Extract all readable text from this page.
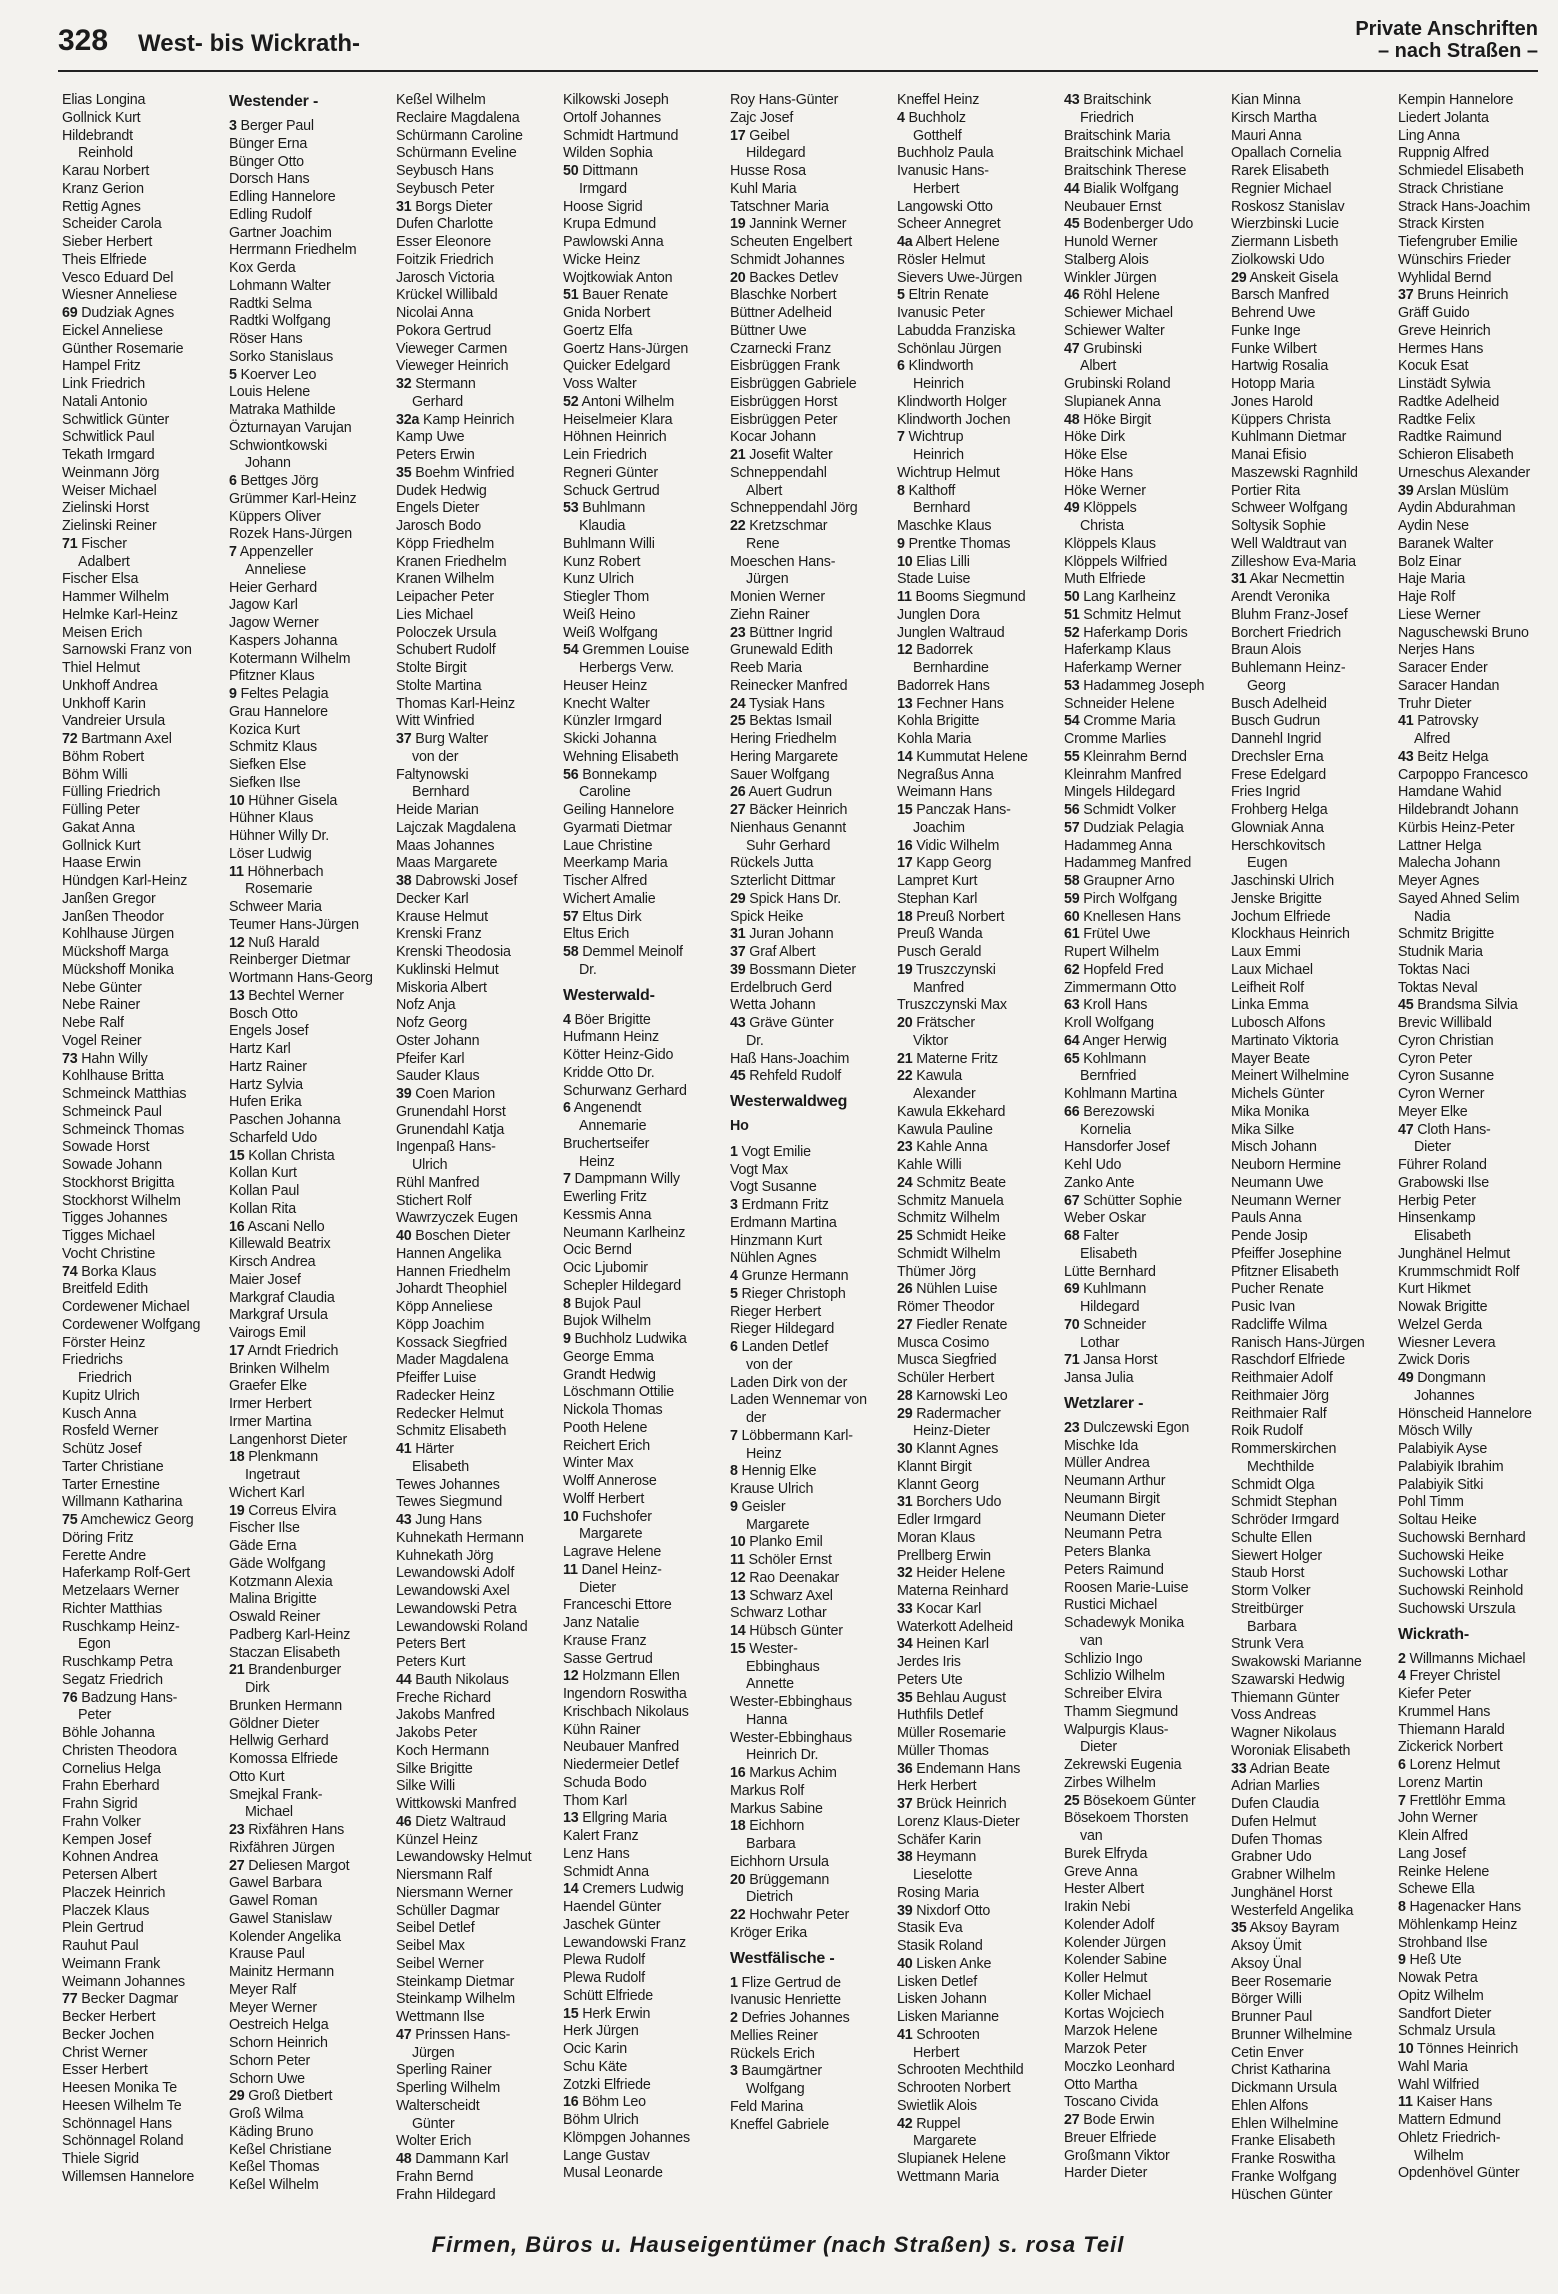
328 West- bis Wickrath-
Private Anschriften
– nach Straßen –
Elias Longina
Gollnick Kurt
Hildebrandt
Reinhold
Karau Norbert
Kranz Gerion
Rettig Agnes
Scheider Carola
Sieber Herbert
Theis Elfriede
Vesco Eduard Del
Wiesner Anneliese
69 Dudziak Agnes
Eickel Anneliese
Günther Rosemarie
Hampel Fritz
Link Friedrich
Natali Antonio
Schwitlick Günter
Schwitlick Paul
Tekath Irmgard
Weinmann Jörg
Weiser Michael
Zielinski Horst
Zielinski Reiner
71 Fischer
Adalbert
Fischer Elsa
Hammer Wilhelm
Helmke Karl-Heinz
Meisen Erich
Sarnowski Franz von
Thiel Helmut
Unkhoff Andrea
Unkhoff Karin
Vandreier Ursula
72 Bartmann Axel
Böhm Robert
Böhm Willi
Fülling Friedrich
Fülling Peter
Gakat Anna
Gollnick Kurt
Haase Erwin
Hündgen Karl-Heinz
Janßen Gregor
Janßen Theodor
Kohlhause Jürgen
Mückshoff Marga
Mückshoff Monika
Nebe Günter
Nebe Rainer
Nebe Ralf
Vogel Reiner
73 Hahn Willy
Kohlhause Britta
Schmeinck Matthias
Schmeinck Paul
Schmeinck Thomas
Sowade Horst
Sowade Johann
Stockhorst Brigitta
Stockhorst Wilhelm
Tigges Johannes
Tigges Michael
Vocht Christine
74 Borka Klaus
Breitfeld Edith
Cordewener Michael
Cordewener Wolfgang
Förster Heinz
Friedrichs
Friedrich
Kupitz Ulrich
Kusch Anna
Rosfeld Werner
Schütz Josef
Tarter Christiane
Tarter Ernestine
Willmann Katharina
75 Amchewicz Georg
Döring Fritz
Ferette Andre
Haferkamp Rolf-Gert
Metzelaars Werner
Richter Matthias
Ruschkamp Heinz-
Egon
Ruschkamp Petra
Segatz Friedrich
76 Badzung Hans-
Peter
Böhle Johanna
Christen Theodora
Cornelius Helga
Frahn Eberhard
Frahn Sigrid
Frahn Volker
Kempen Josef
Kohnen Andrea
Petersen Albert
Placzek Heinrich
Placzek Klaus
Plein Gertrud
Rauhut Paul
Weimann Frank
Weimann Johannes
77 Becker Dagmar
Becker Herbert
Becker Jochen
Christ Werner
Esser Herbert
Heesen Monika Te
Heesen Wilhelm Te
Schönnagel Hans
Schönnagel Roland
Thiele Sigrid
Willemsen Hannelore
Westender -
3 Berger Paul
Bünger Erna
Bünger Otto
Dorsch Hans
Edling Hannelore
Edling Rudolf
Gartner Joachim
Herrmann Friedhelm
Kox Gerda
Lohmann Walter
Radtki Selma
Radtki Wolfgang
Röser Hans
Sorko Stanislaus
5 Koerver Leo
Louis Helene
Matraka Mathilde
Özturnayan Varujan
Schwiontkowski
Johann
6 Bettges Jörg
Grümmer Karl-Heinz
Küppers Oliver
Rozek Hans-Jürgen
7 Appenzeller
Anneliese
Heier Gerhard
Jagow Karl
Jagow Werner
Kaspers Johanna
Kotermann Wilhelm
Pfitzner Klaus
9 Feltes Pelagia
Grau Hannelore
Kozica Kurt
Schmitz Klaus
Siefken Else
Siefken Ilse
10 Hühner Gisela
Hühner Klaus
Hühner Willy Dr.
Löser Ludwig
11 Höhnerbach
Rosemarie
Schweer Maria
Teumer Hans-Jürgen
12 Nuß Harald
Reinberger Dietmar
Wortmann Hans-Georg
13 Bechtel Werner
Bosch Otto
Engels Josef
Hartz Karl
Hartz Rainer
Hartz Sylvia
Hufen Erika
Paschen Johanna
Scharfeld Udo
15 Kollan Christa
Kollan Kurt
Kollan Paul
Kollan Rita
16 Ascani Nello
Killewald Beatrix
Kirsch Andrea
Maier Josef
Markgraf Claudia
Markgraf Ursula
Vairogs Emil
17 Arndt Friedrich
Brinken Wilhelm
Graefer Elke
Irmer Herbert
Irmer Martina
Langenhorst Dieter
18 Plenkmann
Ingetraut
Wichert Karl
19 Correus Elvira
Fischer Ilse
Gäde Erna
Gäde Wolfgang
Kotzmann Alexia
Malina Brigitte
Oswald Reiner
Padberg Karl-Heinz
Staczan Elisabeth
21 Brandenburger
Dirk
Brunken Hermann
Göldner Dieter
Hellwig Gerhard
Komossa Elfriede
Otto Kurt
Smejkal Frank-
Michael
23 Rixfähren Hans
Rixfähren Jürgen
27 Deliesen Margot
Gawel Barbara
Gawel Roman
Gawel Stanislaw
Kolender Angelika
Krause Paul
Mainitz Hermann
Meyer Ralf
Meyer Werner
Oestreich Helga
Schorn Heinrich
Schorn Peter
Schorn Uwe
29 Groß Dietbert
Groß Wilma
Käding Bruno
Keßel Christiane
Keßel Thomas
Keßel Wilhelm
Keßel Wilhelm
Reclaire Magdalena
Schürmann Caroline
Schürmann Eveline
Seybusch Hans
Seybusch Peter
31 Borgs Dieter
Dufen Charlotte
Esser Eleonore
Foitzik Friedrich
Jarosch Victoria
Krückel Willibald
Nicolai Anna
Pokora Gertrud
Vieweger Carmen
Vieweger Heinrich
32 Stermann
Gerhard
32a Kamp Heinrich
Kamp Uwe
Peters Erwin
35 Boehm Winfried
Dudek Hedwig
Engels Dieter
Jarosch Bodo
Köpp Friedhelm
Kranen Friedhelm
Kranen Wilhelm
Leipacher Peter
Lies Michael
Poloczek Ursula
Schubert Rudolf
Stolte Birgit
Stolte Martina
Thomas Karl-Heinz
Witt Winfried
37 Burg Walter
von der
Faltynowski
Bernhard
Heide Marian
Lajczak Magdalena
Maas Johannes
Maas Margarete
38 Dabrowski Josef
Decker Karl
Krause Helmut
Krenski Franz
Krenski Theodosia
Kuklinski Helmut
Miskoria Albert
Nofz Anja
Nofz Georg
Oster Johann
Pfeifer Karl
Sauder Klaus
39 Coen Marion
Grunendahl Horst
Grunendahl Katja
Ingenpaß Hans-
Ulrich
Rühl Manfred
Stichert Rolf
Wawrzyczek Eugen
40 Boschen Dieter
Hannen Angelika
Hannen Friedhelm
Johardt Theophiel
Köpp Anneliese
Köpp Joachim
Kossack Siegfried
Mader Magdalena
Pfeiffer Luise
Radecker Heinz
Redecker Helmut
Schmitz Elisabeth
41 Härter
Elisabeth
Tewes Johannes
Tewes Siegmund
43 Jung Hans
Kuhnekath Hermann
Kuhnekath Jörg
Lewandowski Adolf
Lewandowski Axel
Lewandowski Petra
Lewandowski Roland
Peters Bert
Peters Kurt
44 Bauth Nikolaus
Freche Richard
Jakobs Manfred
Jakobs Peter
Koch Hermann
Silke Brigitte
Silke Willi
Wittkowski Manfred
46 Dietz Waltraud
Künzel Heinz
Lewandowsky Helmut
Niersmann Ralf
Niersmann Werner
Schüller Dagmar
Seibel Detlef
Seibel Max
Seibel Werner
Steinkamp Dietmar
Steinkamp Wilhelm
Wettmann Ilse
47 Prinssen Hans-
Jürgen
Sperling Rainer
Sperling Wilhelm
Walterscheidt
Günter
Wolter Erich
48 Dammann Karl
Frahn Bernd
Frahn Hildegard
Kilkowski Joseph
Ortolf Johannes
Schmidt Hartmund
Wilden Sophia
50 Dittmann
Irmgard
Hoose Sigrid
Krupa Edmund
Pawlowski Anna
Wicke Heinz
Wojtkowiak Anton
51 Bauer Renate
Gnida Norbert
Goertz Elfa
Goertz Hans-Jürgen
Quicker Edelgard
Voss Walter
52 Antoni Wilhelm
Heiselmeier Klara
Höhnen Heinrich
Lein Friedrich
Regneri Günter
Schuck Gertrud
53 Buhlmann
Klaudia
Buhlmann Willi
Kunz Robert
Kunz Ulrich
Stiegler Thom
Weiß Heino
Weiß Wolfgang
54 Gremmen Louise
Herbergs Verw.
Heuser Heinz
Knecht Walter
Künzler Irmgard
Skicki Johanna
Wehning Elisabeth
56 Bonnekamp
Caroline
Geiling Hannelore
Gyarmati Dietmar
Laue Christine
Meerkamp Maria
Tischer Alfred
Wichert Amalie
57 Eltus Dirk
Eltus Erich
58 Demmel Meinolf
Dr.
Westerwald-
4 Böer Brigitte
Hufmann Heinz
Kötter Heinz-Gido
Kridde Otto Dr.
Schurwanz Gerhard
6 Angenendt
Annemarie
Bruchertseifer
Heinz
7 Dampmann Willy
Ewerling Fritz
Kessmis Anna
Neumann Karlheinz
Ocic Bernd
Ocic Ljubomir
Schepler Hildegard
8 Bujok Paul
Bujok Wilhelm
9 Buchholz Ludwika
George Emma
Grandt Hedwig
Löschmann Ottilie
Nickola Thomas
Pooth Helene
Reichert Erich
Winter Max
Wolff Annerose
Wolff Herbert
10 Fuchshofer
Margarete
Lagrave Helene
11 Danel Heinz-
Dieter
Franceschi Ettore
Janz Natalie
Krause Franz
Sasse Gertrud
12 Holzmann Ellen
Ingendorn Roswitha
Krischbach Nikolaus
Kühn Rainer
Neubauer Manfred
Niedermeier Detlef
Schuda Bodo
Thom Karl
13 Ellgring Maria
Kalert Franz
Lenz Hans
Schmidt Anna
14 Cremers Ludwig
Haendel Günter
Jaschek Günter
Lewandowski Franz
Plewa Rudolf
Plewa Rudolf
Schütt Elfriede
15 Herk Erwin
Herk Jürgen
Ocic Karin
Schu Käte
Zotzki Elfriede
16 Böhm Leo
Böhm Ulrich
Klömpgen Johannes
Lange Gustav
Musal Leonarde
Roy Hans-Günter
Zajc Josef
17 Geibel
Hildegard
Husse Rosa
Kuhl Maria
Tatschner Maria
19 Jannink Werner
Scheuten Engelbert
Schmidt Johannes
20 Backes Detlev
Blaschke Norbert
Büttner Adelheid
Büttner Uwe
Czarnecki Franz
Eisbrüggen Frank
Eisbrüggen Gabriele
Eisbrüggen Horst
Eisbrüggen Peter
Kocar Johann
21 Josefit Walter
Schneppendahl
Albert
Schneppendahl Jörg
22 Kretzschmar
Rene
Moeschen Hans-
Jürgen
Monien Werner
Ziehn Rainer
23 Büttner Ingrid
Grunewald Edith
Reeb Maria
Reinecker Manfred
24 Tysiak Hans
25 Bektas Ismail
Hering Friedhelm
Hering Margarete
Sauer Wolfgang
26 Auert Gudrun
27 Bäcker Heinrich
Nienhaus Genannt
Suhr Gerhard
Rückels Jutta
Szterlicht Dittmar
29 Spick Hans Dr.
Spick Heike
31 Juran Johann
37 Graf Albert
39 Bossmann Dieter
Erdelbruch Gerd
Wetta Johann
43 Gräve Günter
Dr.
Haß Hans-Joachim
45 Rehfeld Rudolf
Westerwaldweg
Ho
1 Vogt Emilie
Vogt Max
Vogt Susanne
3 Erdmann Fritz
Erdmann Martina
Hinzmann Kurt
Nühlen Agnes
4 Grunze Hermann
5 Rieger Christoph
Rieger Herbert
Rieger Hildegard
6 Landen Detlef
von der
Laden Dirk von der
Laden Wennemar von
der
7 Löbbermann Karl-
Heinz
8 Hennig Elke
Krause Ulrich
9 Geisler
Margarete
10 Planko Emil
11 Schöler Ernst
12 Rao Deenakar
13 Schwarz Axel
Schwarz Lothar
14 Hübsch Günter
15 Wester-
Ebbinghaus
Annette
Wester-Ebbinghaus
Hanna
Wester-Ebbinghaus
Heinrich Dr.
16 Markus Achim
Markus Rolf
Markus Sabine
18 Eichhorn
Barbara
Eichhorn Ursula
20 Brüggemann
Dietrich
22 Hochwahr Peter
Kröger Erika
Westfälische -
1 Flize Gertrud de
Ivanusic Henriette
2 Defries Johannes
Mellies Reiner
Rückels Erich
3 Baumgärtner
Wolfgang
Feld Marina
Kneffel Gabriele
Kneffel Heinz
4 Buchholz
Gotthelf
Buchholz Paula
Ivanusic Hans-
Herbert
Langowski Otto
Scheer Annegret
4a Albert Helene
Rösler Helmut
Sievers Uwe-Jürgen
5 Eltrin Renate
Ivanusic Peter
Labudda Franziska
Schönlau Jürgen
6 Klindworth
Heinrich
Klindworth Holger
Klindworth Jochen
7 Wichtrup
Heinrich
Wichtrup Helmut
8 Kalthoff
Bernhard
Maschke Klaus
9 Prentke Thomas
10 Elias Lilli
Stade Luise
11 Booms Siegmund
Junglen Dora
Junglen Waltraud
12 Badorrek
Bernhardine
Badorrek Hans
13 Fechner Hans
Kohla Brigitte
Kohla Maria
14 Kummutat Helene
Negraßus Anna
Weimann Hans
15 Panczak Hans-
Joachim
16 Vidic Wilhelm
17 Kapp Georg
Lampret Kurt
Stephan Karl
18 Preuß Norbert
Preuß Wanda
Pusch Gerald
19 Truszczynski
Manfred
Truszczynski Max
20 Frätscher
Viktor
21 Materne Fritz
22 Kawula
Alexander
Kawula Ekkehard
Kawula Pauline
23 Kahle Anna
Kahle Willi
24 Schmitz Beate
Schmitz Manuela
Schmitz Wilhelm
25 Schmidt Heike
Schmidt Wilhelm
Thümer Jörg
26 Nühlen Luise
Römer Theodor
27 Fiedler Renate
Musca Cosimo
Musca Siegfried
Schüler Herbert
28 Karnowski Leo
29 Radermacher
Heinz-Dieter
30 Klannt Agnes
Klannt Birgit
Klannt Georg
31 Borchers Udo
Edler Irmgard
Moran Klaus
Prellberg Erwin
32 Heider Helene
Materna Reinhard
33 Kocar Karl
Waterkott Adelheid
34 Heinen Karl
Jerdes Iris
Peters Ute
35 Behlau August
Huthfils Detlef
Müller Rosemarie
Müller Thomas
36 Endemann Hans
Herk Herbert
37 Brück Heinrich
Lorenz Klaus-Dieter
Schäfer Karin
38 Heymann
Lieselotte
Rosing Maria
39 Nixdorf Otto
Stasik Eva
Stasik Roland
40 Lisken Anke
Lisken Detlef
Lisken Johann
Lisken Marianne
41 Schrooten
Herbert
Schrooten Mechthild
Schrooten Norbert
Swietlik Alois
42 Ruppel
Margarete
Slupianek Helene
Wettmann Maria
43 Braitschink
Friedrich
Braitschink Maria
Braitschink Michael
Braitschink Therese
44 Bialik Wolfgang
Neubauer Ernst
45 Bodenberger Udo
Hunold Werner
Stalberg Alois
Winkler Jürgen
46 Röhl Helene
Schiewer Michael
Schiewer Walter
47 Grubinski
Albert
Grubinski Roland
Slupianek Anna
48 Höke Birgit
Höke Dirk
Höke Else
Höke Hans
Höke Werner
49 Klöppels
Christa
Klöppels Klaus
Klöppels Wilfried
Muth Elfriede
50 Lang Karlheinz
51 Schmitz Helmut
52 Haferkamp Doris
Haferkamp Klaus
Haferkamp Werner
53 Hadammeg Joseph
Schneider Helene
54 Cromme Maria
Cromme Marlies
55 Kleinrahm Bernd
Kleinrahm Manfred
Mingels Hildegard
56 Schmidt Volker
57 Dudziak Pelagia
Hadammeg Anna
Hadammeg Manfred
58 Graupner Arno
59 Pirch Wolfgang
60 Knellesen Hans
61 Frütel Uwe
Rupert Wilhelm
62 Hopfeld Fred
Zimmermann Otto
63 Kroll Hans
Kroll Wolfgang
64 Anger Herwig
65 Kohlmann
Bernfried
Kohlmann Martina
66 Berezowski
Kornelia
Hansdorfer Josef
Kehl Udo
Zanko Ante
67 Schütter Sophie
Weber Oskar
68 Falter
Elisabeth
Lütte Bernhard
69 Kuhlmann
Hildegard
70 Schneider
Lothar
71 Jansa Horst
Jansa Julia
Wetzlarer -
23 Dulczewski Egon
Mischke Ida
Müller Andrea
Neumann Arthur
Neumann Birgit
Neumann Dieter
Neumann Petra
Peters Blanka
Peters Raimund
Roosen Marie-Luise
Rustici Michael
Schadewyk Monika
van
Schlizio Ingo
Schlizio Wilhelm
Schreiber Elvira
Thamm Siegmund
Walpurgis Klaus-
Dieter
Zekrewski Eugenia
Zirbes Wilhelm
25 Bösekoem Günter
Bösekoem Thorsten
van
Burek Elfryda
Greve Anna
Hester Albert
Irakin Nebi
Kolender Adolf
Kolender Jürgen
Kolender Sabine
Koller Helmut
Koller Michael
Kortas Wojciech
Marzok Helene
Marzok Peter
Moczko Leonhard
Otto Martha
Toscano Civida
27 Bode Erwin
Breuer Elfriede
Großmann Viktor
Harder Dieter
Kian Minna
Kirsch Martha
Mauri Anna
Opallach Cornelia
Rarek Elisabeth
Regnier Michael
Roskosz Stanislav
Wierzbinski Lucie
Ziermann Lisbeth
Ziolkowski Udo
29 Anskeit Gisela
Barsch Manfred
Behrend Uwe
Funke Inge
Funke Wilbert
Hartwig Rosalia
Hotopp Maria
Jones Harold
Küppers Christa
Kuhlmann Dietmar
Manai Efisio
Maszewski Ragnhild
Portier Rita
Schweer Wolfgang
Soltysik Sophie
Well Waldtraut van
Zilleshow Eva-Maria
31 Akar Necmettin
Arendt Veronika
Bluhm Franz-Josef
Borchert Friedrich
Braun Alois
Buhlemann Heinz-
Georg
Busch Adelheid
Busch Gudrun
Dannehl Ingrid
Drechsler Erna
Frese Edelgard
Fries Ingrid
Frohberg Helga
Glowniak Anna
Herschkovitsch
Eugen
Jaschinski Ulrich
Jenske Brigitte
Jochum Elfriede
Klockhaus Heinrich
Laux Emmi
Laux Michael
Leifheit Rolf
Linka Emma
Lubosch Alfons
Martinato Viktoria
Mayer Beate
Meinert Wilhelmine
Michels Günter
Mika Monika
Mika Silke
Misch Johann
Neuborn Hermine
Neumann Uwe
Neumann Werner
Pauls Anna
Pende Josip
Pfeiffer Josephine
Pfitzner Elisabeth
Pucher Renate
Pusic Ivan
Radcliffe Wilma
Ranisch Hans-Jürgen
Raschdorf Elfriede
Reithmaier Adolf
Reithmaier Jörg
Reithmaier Ralf
Roik Rudolf
Rommerskirchen
Mechthilde
Schmidt Olga
Schmidt Stephan
Schröder Irmgard
Schulte Ellen
Siewert Holger
Staub Horst
Storm Volker
Streitbürger
Barbara
Strunk Vera
Swakowski Marianne
Szawarski Hedwig
Thiemann Günter
Voss Andreas
Wagner Nikolaus
Woroniak Elisabeth
33 Adrian Beate
Adrian Marlies
Dufen Claudia
Dufen Helmut
Dufen Thomas
Grabner Udo
Grabner Wilhelm
Junghänel Horst
Westerfeld Angelika
35 Aksoy Bayram
Aksoy Ümit
Aksoy Ünal
Beer Rosemarie
Börger Willi
Brunner Paul
Brunner Wilhelmine
Cetin Enver
Christ Katharina
Dickmann Ursula
Ehlen Alfons
Ehlen Wilhelmine
Franke Elisabeth
Franke Roswitha
Franke Wolfgang
Hüschen Günter
Kempin Hannelore
Liedert Jolanta
Ling Anna
Ruppnig Alfred
Schmiedel Elisabeth
Strack Christiane
Strack Hans-Joachim
Strack Kirsten
Tiefengruber Emilie
Wünschirs Frieder
Wyhlidal Bernd
37 Bruns Heinrich
Gräff Guido
Greve Heinrich
Hermes Hans
Kocuk Esat
Linstädt Sylwia
Radtke Adelheid
Radtke Felix
Radtke Raimund
Schieron Elisabeth
Urneschus Alexander
39 Arslan Müslüm
Aydin Abdurahman
Aydin Nese
Baranek Walter
Bolz Einar
Haje Maria
Haje Rolf
Liese Werner
Naguschewski Bruno
Nerjes Hans
Saracer Ender
Saracer Handan
Truhr Dieter
41 Patrovsky
Alfred
43 Beitz Helga
Carpoppo Francesco
Hamdane Wahid
Hildebrandt Johann
Kürbis Heinz-Peter
Lattner Helga
Malecha Johann
Meyer Agnes
Sayed Ahned Selim
Nadia
Schmitz Brigitte
Studnik Maria
Toktas Naci
Toktas Neval
45 Brandsma Silvia
Brevic Willibald
Cyron Christian
Cyron Peter
Cyron Susanne
Cyron Werner
Meyer Elke
47 Cloth Hans-
Dieter
Führer Roland
Grabowski Ilse
Herbig Peter
Hinsenkamp
Elisabeth
Junghänel Helmut
Krummschmidt Rolf
Kurt Hikmet
Nowak Brigitte
Welzel Gerda
Wiesner Levera
Zwick Doris
49 Dongmann
Johannes
Hönscheid Hannelore
Mösch Willy
Palabiyik Ayse
Palabiyik Ibrahim
Palabiyik Sitki
Pohl Timm
Soltau Heike
Suchowski Bernhard
Suchowski Heike
Suchowski Lothar
Suchowski Reinhold
Suchowski Urszula
Wickrath-
2 Willmanns Michael
4 Freyer Christel
Kiefer Peter
Krummel Hans
Thiemann Harald
Zickerick Norbert
6 Lorenz Helmut
Lorenz Martin
7 Frettlöhr Emma
John Werner
Klein Alfred
Lang Josef
Reinke Helene
Schewe Ella
8 Hagenacker Hans
Möhlenkamp Heinz
Strohband Ilse
9 Heß Ute
Nowak Petra
Opitz Wilhelm
Sandfort Dieter
Schmalz Ursula
10 Tönnes Heinrich
Wahl Maria
Wahl Wilfried
11 Kaiser Hans
Mattern Edmund
Ohletz Friedrich-
Wilhelm
Opdenhövel Günter
Firmen, Büros u. Hauseigentümer (nach Straßen) s. rosa Teil
